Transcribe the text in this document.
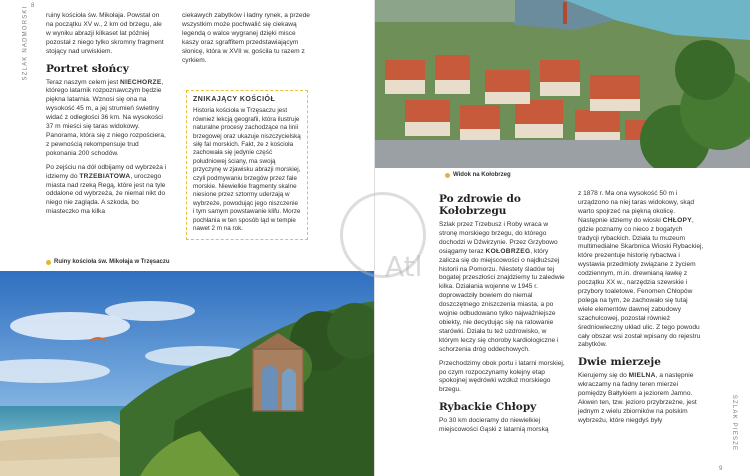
SZLAK NADMORSKI 8

ruiny kościoła św. Mikołaja. Powstał on na początku XV w., 2 km od brzegu, ale w wyniku abrazji kilkaset lat później pozostał z niego tylko skromny fragment stojący nad urwiskiem.

Portret słońcy

Teraz naszym celem jest NIECHORZE, którego latarnik rozpoznawczym będzie piękna latarnia. Wznosi się ona na wysokość 45 m, a jej strumień świetlny widać z odległości 36 km. Na wysokości 37 m mieści się taras widokowy. Panorama, która się z niego rozpościera, z pewnością rekompensuje trud pokonania 200 schodów.

Po zejściu na dół odbijamy od wybrzeża i idziemy do TRZEBIATOWA, uroczego miasta nad rzeką Regą, które jest na tyle oddalone od wybrzeża, że niemal nikt do niego nie zagląda. A szkoda, bo miasteczko ma kilka

ciekawych zabytków i ładny rynek, a przede wszystkim może pochwalić się ciekawą legendą o walce wygranej dzięki misce kaszy oraz sgraffitem przedstawiającym słonicę, która w XVII w. gościła tu razem z cyrkiem.

ZNIKAJĄCY KOŚCIÓŁ
Historia kościoła w Trzęsaczu jest również lekcją geografii, która ilustruje naturalne procesy zachodzące na linii brzegowej oraz ukazuje niszczycielską siłę fal morskich. Fakt, że z kościoła zachowała się jedynie część południowej ściany, ma swoją przyczynę w zjawisku abrazji morskiej, czyli podmywaniu brzegów przez fale morskie. Niewielkie fragmenty skalne niesione przez sztormy uderzają w wybrzeże, powodując jego niszczenie i tym samym powstawanie klifu. Morze pochłania w ten sposób ląd w tempie nawet 2 m na rok.
Ruiny kościoła św. Mikołaja w Trzęsaczu
Widok na Kołobrzeg
Po zdrowie do Kołobrzegu

Szlak przez Trzebusz i Roby wraca w stronę morskiego brzegu, do którego dochodzi w Dźwirzynie. Przez Grzybowo osiągamy teraz KOŁOBRZEG, który zalicza się do miejscowości o najdłuższej historii na Pomorzu. Niestety śladów tej bogatej przeszłości znajdziemy tu zaledwie kilka. Działania wojenne w 1945 r. doprowadziły bowiem do niemal doszczętnego zniszczenia miasta, a po wojnie odbudowano tylko najważniejsze obiekty, nie decydując się na ratowanie starówki. Działa tu też uzdrowisko, w którym leczy się choroby kardiologiczne i schorzenia dróg oddechowych.

Przechodzimy obok portu i latarni morskiej, po czym rozpoczynamy kolejny etap spokojnej wędrówki wzdłuż morskiego brzegu.

Rybackie Chłopy

Po 30 km docieramy do niewielkiej miejscowości Gąski z latarnią morską

z 1878 r. Ma ona wysokość 50 m i urządzono na niej taras widokowy, skąd warto spojrzeć na piękną okolicę. Następnie idziemy do wioski CHŁOPY, gdzie poznamy co nieco z bogatych tradycji rybackich. Działa tu muzeum multimedialne Skarbnica Wioski Rybackiej, które prezentuje historię rybactwa i wystawia przedmioty związane z życiem codziennym, m.in. drewnianą ławkę z początku XX w., narzędzia szewskie i przybory toaletowe. Fenomen Chłopów polega na tym, że zachowało się tutaj wiele elementów dawnej zabudowy szachulcowej, pozostał również średniowieczny układ ulic. Z tego powodu cały obszar wsi został wpisany do rejestru zabytków.

Dwie mierzeje

Kierujemy się do MIELNA, a następnie wkraczamy na fadny teren mierzei pomiędzy Bałtykiem a jeziorem Jamno. Akwen ten, tzw. jezioro przybrzeżne, jest jednym z wielu zbiorników na polskim wybrzeżu, które niegdyś były	SZLAK PIESZE
9
Atl
